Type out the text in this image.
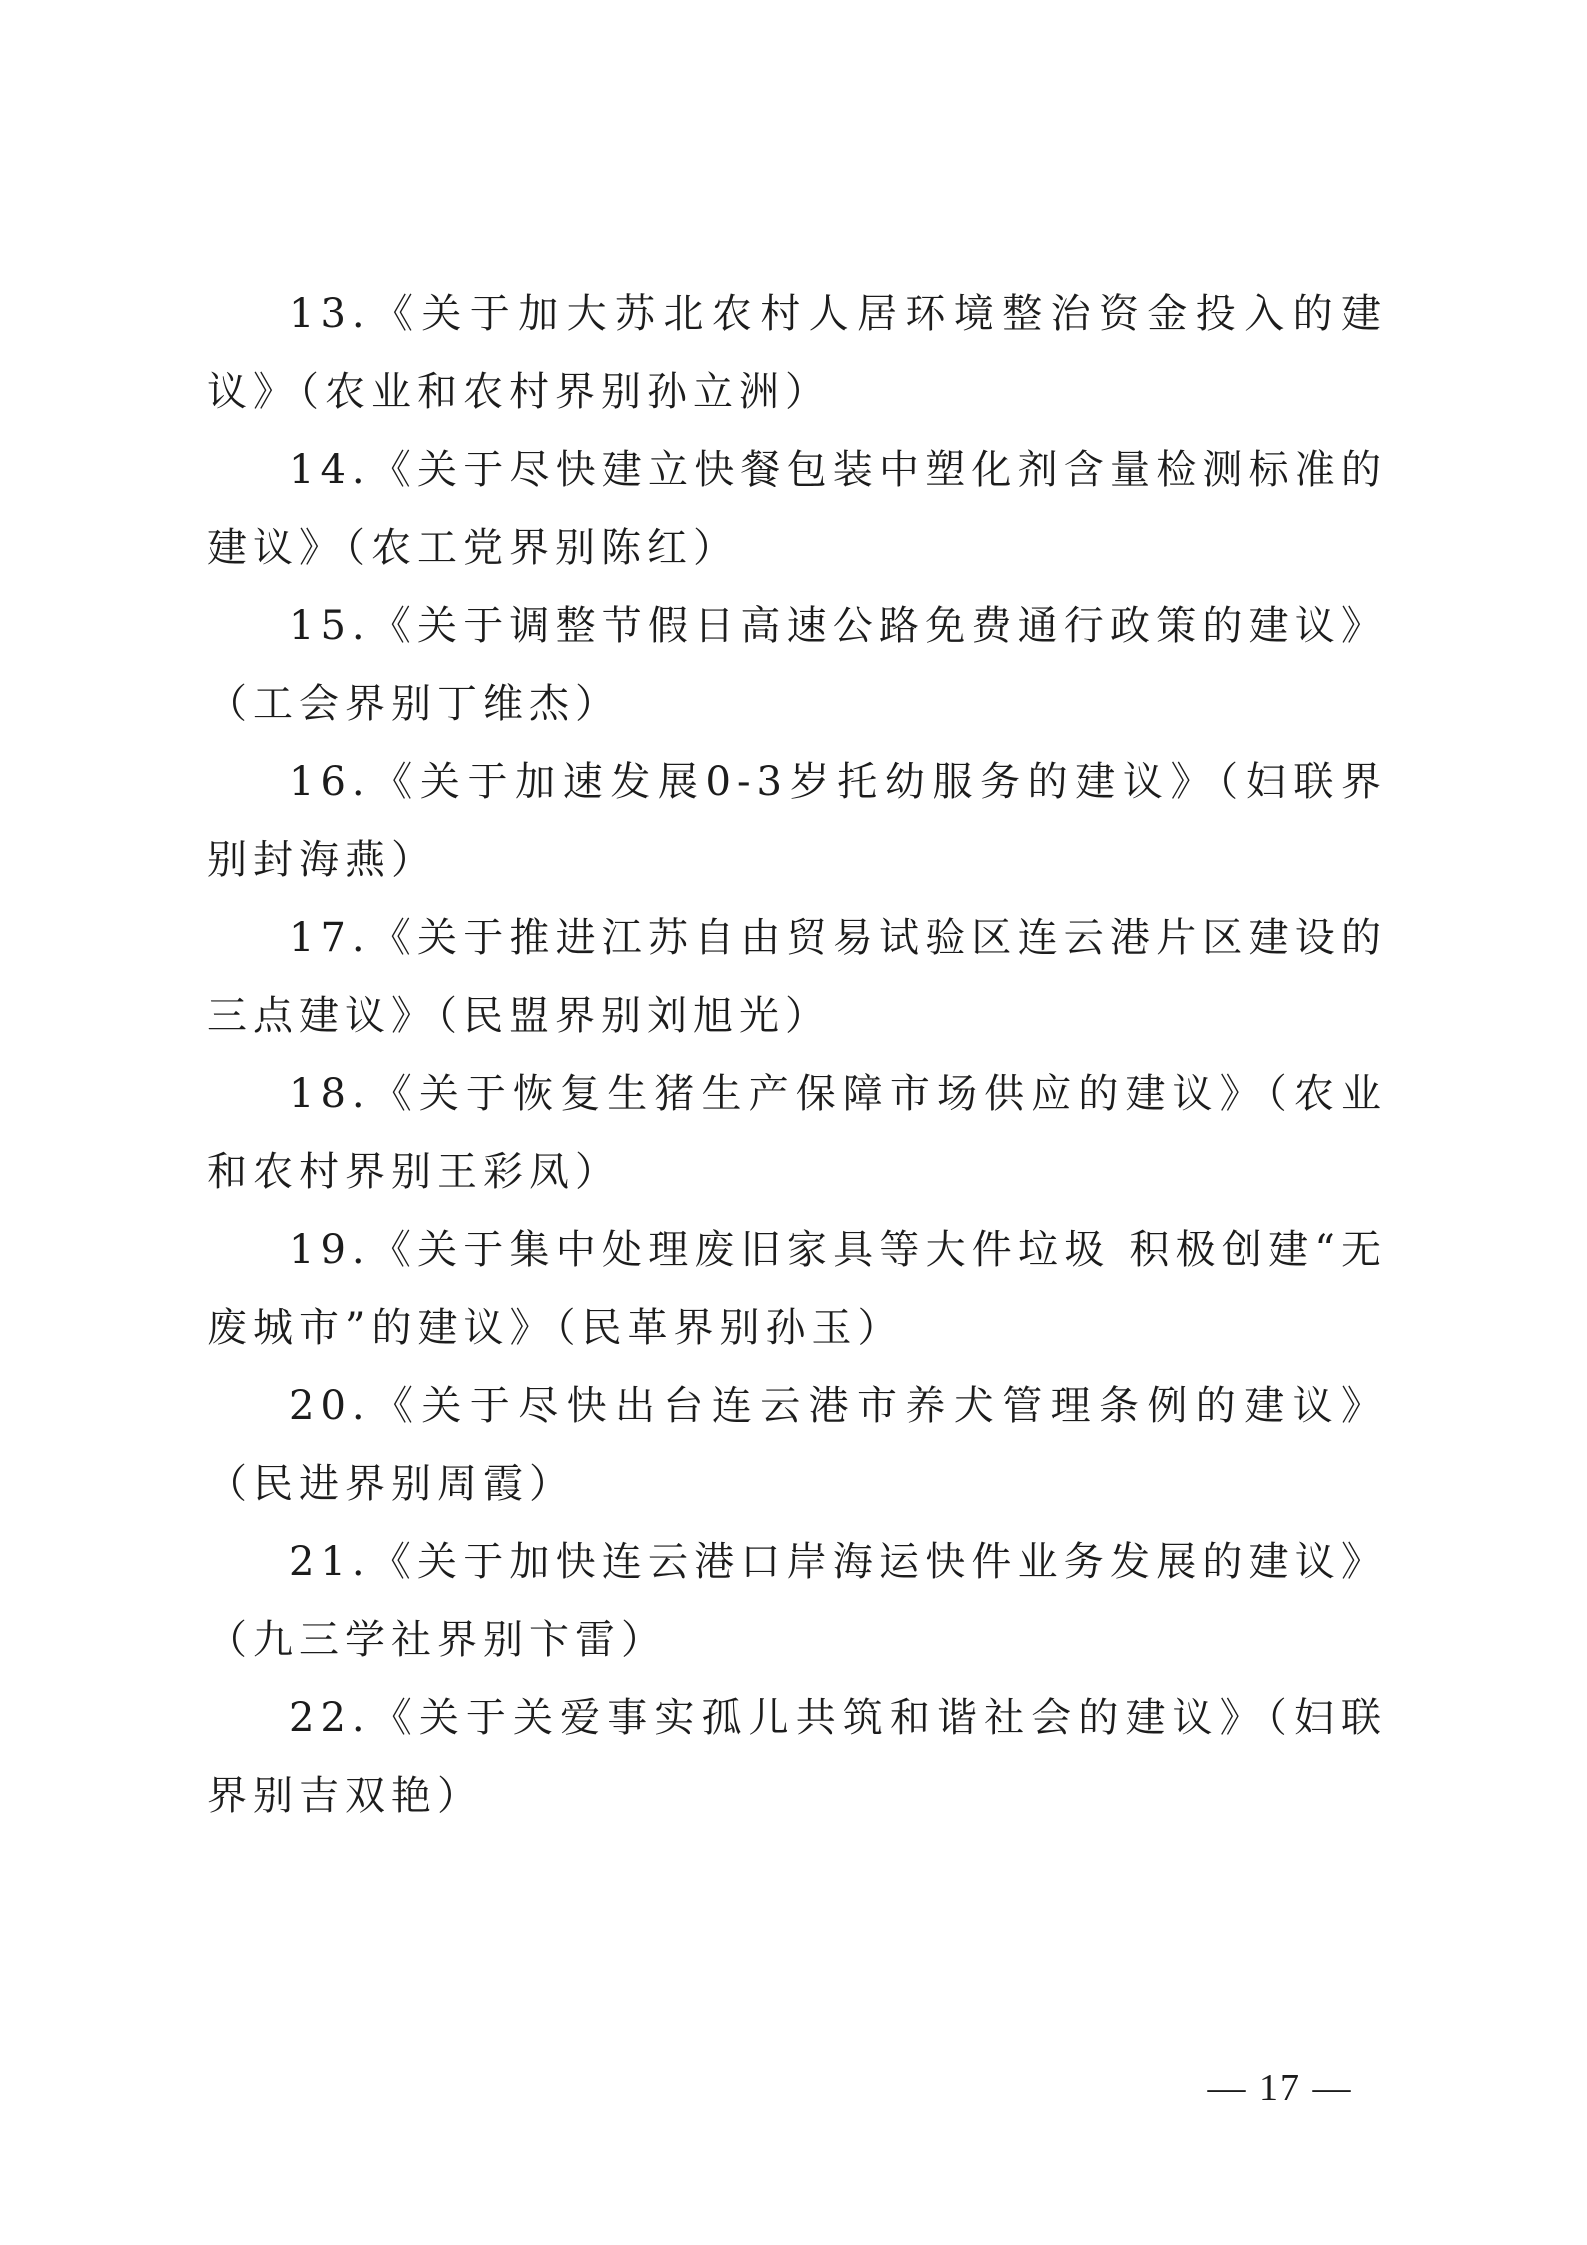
13.《关于加大苏北农村人居环境整治资金投入的建议》（农业和农村界别孙立洲）

14.《关于尽快建立快餐包装中塑化剂含量检测标准的建议》（农工党界别陈红）

15.《关于调整节假日高速公路免费通行政策的建议》（工会界别丁维杰）

16.《关于加速发展0-3岁托幼服务的建议》（妇联界别封海燕）

17.《关于推进江苏自由贸易试验区连云港片区建设的三点建议》（民盟界别刘旭光）

18.《关于恢复生猪生产保障市场供应的建议》（农业和农村界别王彩凤）

19.《关于集中处理废旧家具等大件垃圾 积极创建“无废城市”的建议》（民革界别孙玉）

20.《关于尽快出台连云港市养犬管理条例的建议》（民进界别周霞）

21.《关于加快连云港口岸海运快件业务发展的建议》（九三学社界别卞雷）

22.《关于关爱事实孤儿共筑和谐社会的建议》（妇联界别吉双艳）

— 17 —
